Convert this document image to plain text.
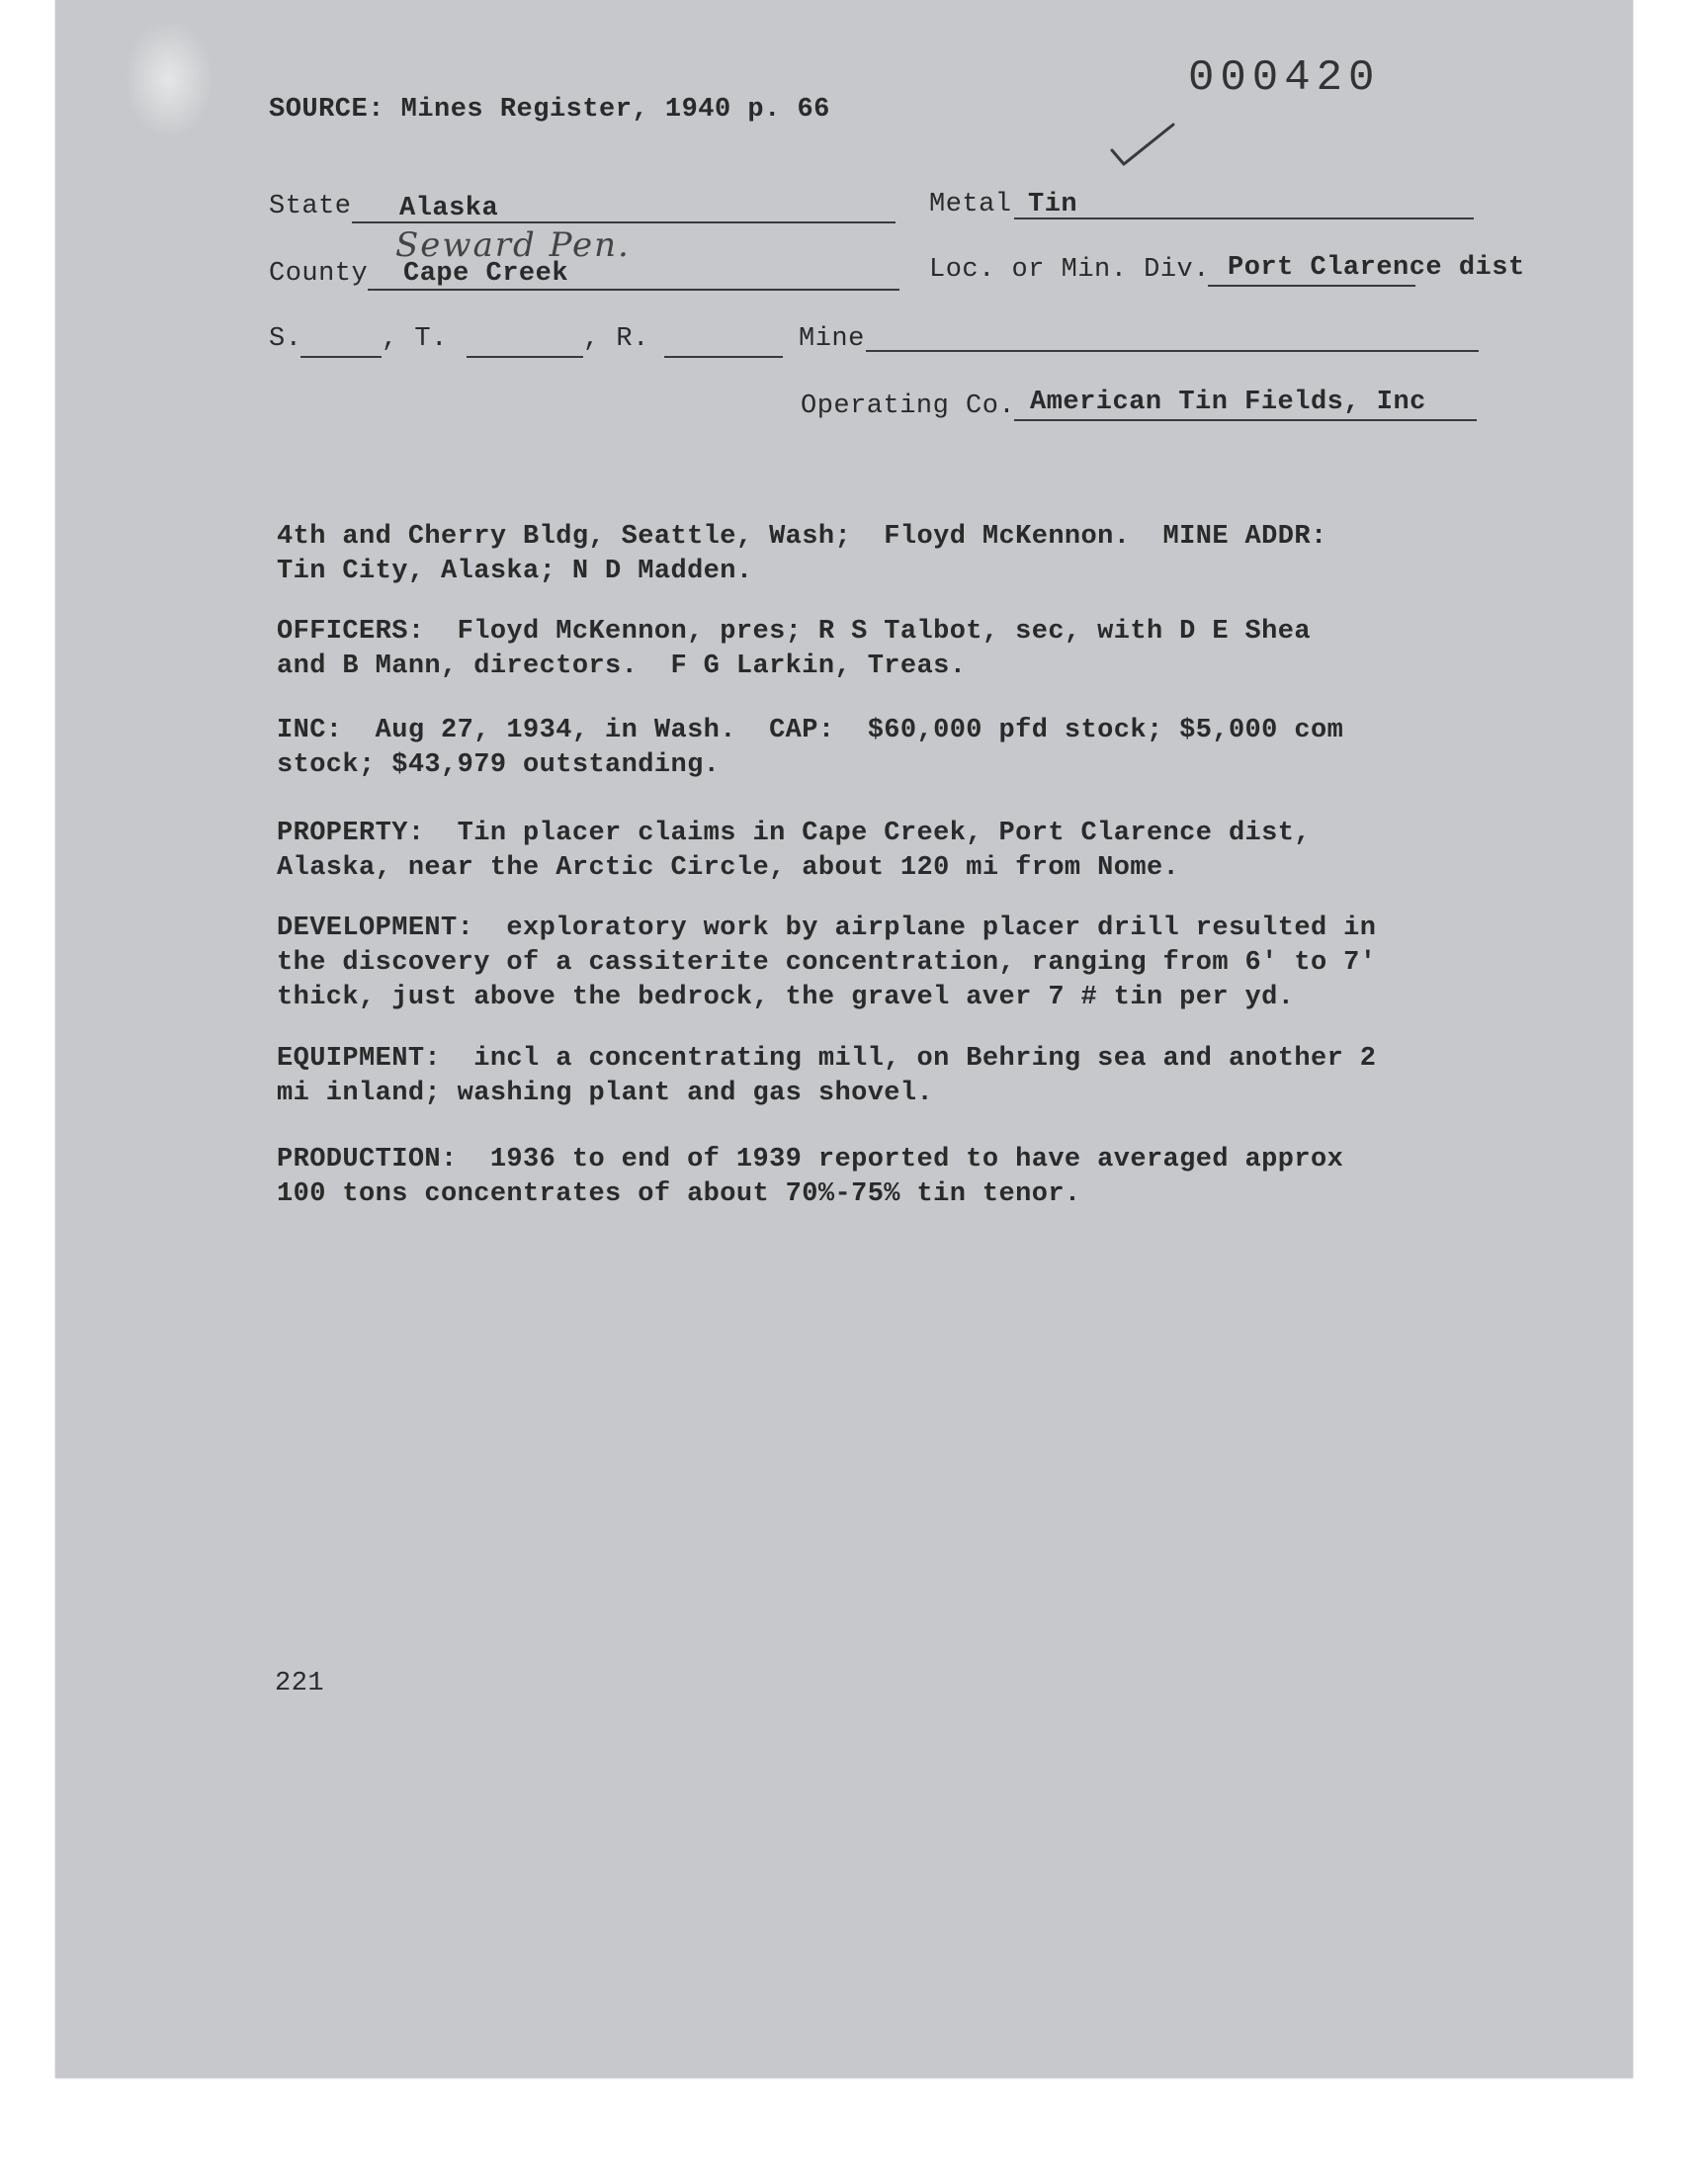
SOURCE: Mines Register, 1940 p. 66
000420
State Alaska	Metal Tin
Seward Pen.
County Cape Creek	Loc. or Min. Div. Port Clarence dist
S.	, T.	, R.	Mine
Operating Co. American Tin Fields, Inc
4th and Cherry Bldg, Seattle, Wash;  Floyd McKennon.  MINE ADDR:
Tin City, Alaska; N D Madden.
OFFICERS:  Floyd McKennon, pres; R S Talbot, sec, with D E Shea
and B Mann, directors.  F G Larkin, Treas.
INC:  Aug 27, 1934, in Wash.  CAP:  $60,000 pfd stock; $5,000 com
stock; $43,979 outstanding.
PROPERTY:  Tin placer claims in Cape Creek, Port Clarence dist,
Alaska, near the Arctic Circle, about 120 mi from Nome.
DEVELOPMENT:  exploratory work by airplane placer drill resulted in
the discovery of a cassiterite concentration, ranging from 6' to 7'
thick, just above the bedrock, the gravel aver 7 # tin per yd.
EQUIPMENT:  incl a concentrating mill, on Behring sea and another 2
mi inland; washing plant and gas shovel.
PRODUCTION:  1936 to end of 1939 reported to have averaged approx
100 tons concentrates of about 70%-75% tin tenor.
221
